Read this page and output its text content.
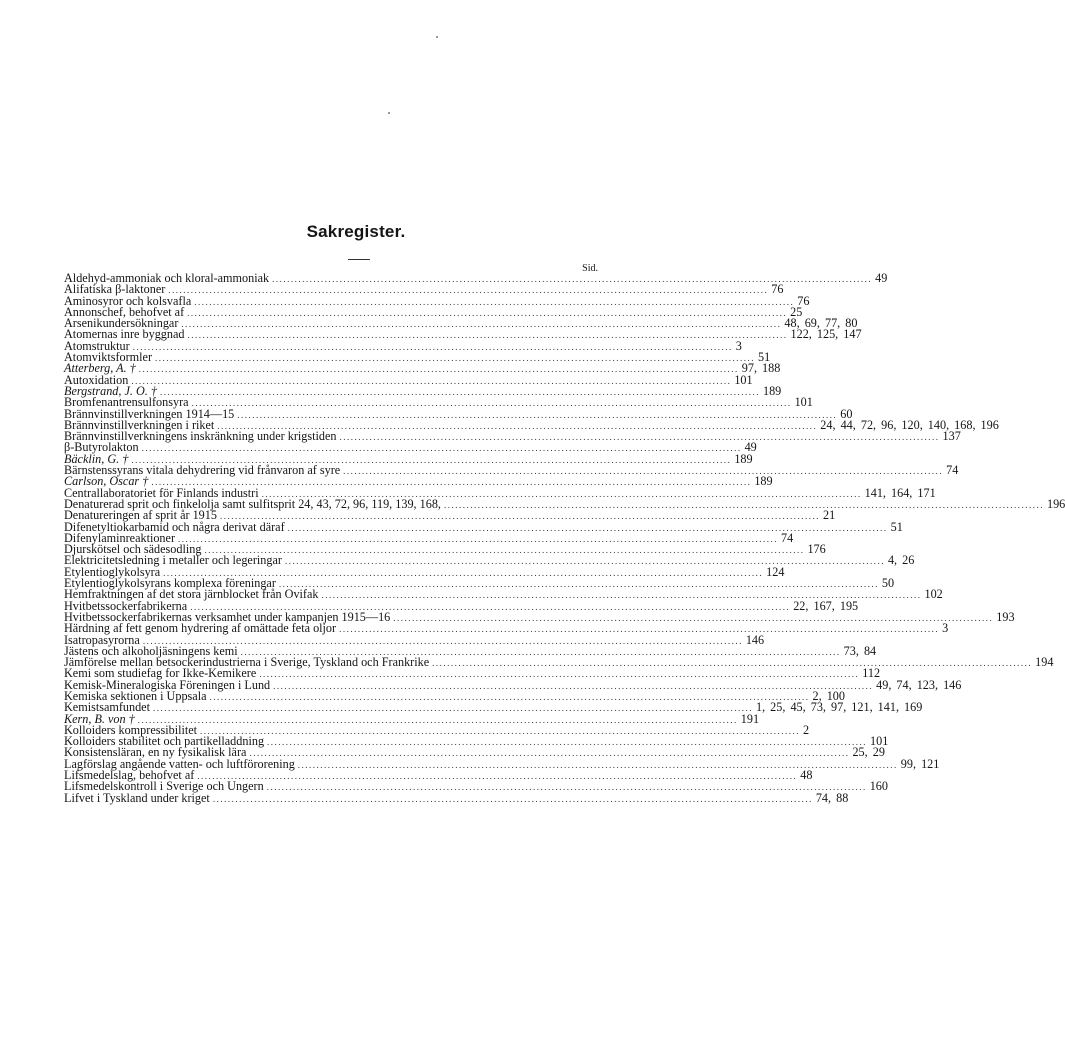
Sakregister.
Sid.
Aldehyd-ammoniak och kloral-ammoniak ................................................................................................................................................................ 49
Alifatiska β-laktoner ................................................................................................................................................................ 76
Aminosyror och kolsvafla ................................................................................................................................................................ 76
Annonschef, behofvet af ................................................................................................................................................................ 25
Arsenikundersökningar ................................................................................................................................................................ 48, 69, 77, 80
Atomernas inre byggnad ................................................................................................................................................................ 122, 125, 147
Atomstruktur ................................................................................................................................................................ 3
Atomviktsformler ................................................................................................................................................................ 51
Atterberg, A. † ................................................................................................................................................................ 97, 188
Autoxidation ................................................................................................................................................................ 101
Bergstrand, J. O. † ................................................................................................................................................................ 189
Bromfenantrensulfonsyra ................................................................................................................................................................ 101
Brännvinstillverkningen 1914—15 ................................................................................................................................................................ 60
Brännvinstillverkningen i riket ................................................................................................................................................................ 24, 44, 72, 96, 120, 140, 168, 196
Brännvinstillverkningens inskränkning under krigstiden ................................................................................................................................................................ 137
β-Butyrolakton ................................................................................................................................................................ 49
Bäcklin, G. † ................................................................................................................................................................ 189
Bärnstenssyrans vitala dehydrering vid frånvaron af syre ................................................................................................................................................................ 74
Carlson, Oscar † ................................................................................................................................................................ 189
Centrallaboratoriet för Finlands industri ................................................................................................................................................................ 141, 164, 171
Denaturerad sprit och finkelolja samt sulfitsprit 24, 43, 72, 96, 119, 139, 168, ................................................................................................................................................................ 196
Denatureringen af sprit år 1915 ................................................................................................................................................................ 21
Difenetyltiokarbamid och några derivat däraf ................................................................................................................................................................ 51
Difenylaminreaktioner ................................................................................................................................................................ 74
Djurskötsel och sädesodling ................................................................................................................................................................ 176
Elektricitetsledning i metaller och legeringar ................................................................................................................................................................ 4, 26
Etylentioglykolsyra ................................................................................................................................................................ 124
Etylentioglykolsyrans komplexa föreningar ................................................................................................................................................................ 50
Hemfraktningen af det stora järnblocket från Ovifak ................................................................................................................................................................ 102
Hvitbetssockerfabrikerna ................................................................................................................................................................ 22, 167, 195
Hvitbetssockerfabrikernas verksamhet under kampanjen 1915—16 ................................................................................................................................................................ 193
Härdning af fett genom hydrering af omättade feta oljor ................................................................................................................................................................ 3
Isatropasyrorna ................................................................................................................................................................ 146
Jästens och alkoholjäsningens kemi ................................................................................................................................................................ 73, 84
Jämförelse mellan betsockerindustrierna i Sverige, Tyskland och Frankrike ................................................................................................................................................................ 194
Kemi som studiefag for Ikke-Kemikere ................................................................................................................................................................ 112
Kemisk-Mineralogiska Föreningen i Lund ................................................................................................................................................................ 49, 74, 123, 146
Kemiska sektionen i Uppsala ................................................................................................................................................................ 2, 100
Kemistsamfundet ................................................................................................................................................................ 1, 25, 45, 73, 97, 121, 141, 169
Kern, B. von † ................................................................................................................................................................ 191
Kolloiders kompressibilitet ................................................................................................................................................................ 2
Kolloiders stabilitet och partikelladdning ................................................................................................................................................................ 101
Konsistensläran, en ny fysikalisk lära ................................................................................................................................................................ 25, 29
Lagförslag angående vatten- och luftförorening ................................................................................................................................................................ 99, 121
Lifsmedelslag, behofvet af ................................................................................................................................................................ 48
Lifsmedelskontroll i Sverige och Ungern ................................................................................................................................................................ 160
Lifvet i Tyskland under kriget ................................................................................................................................................................ 74, 88
